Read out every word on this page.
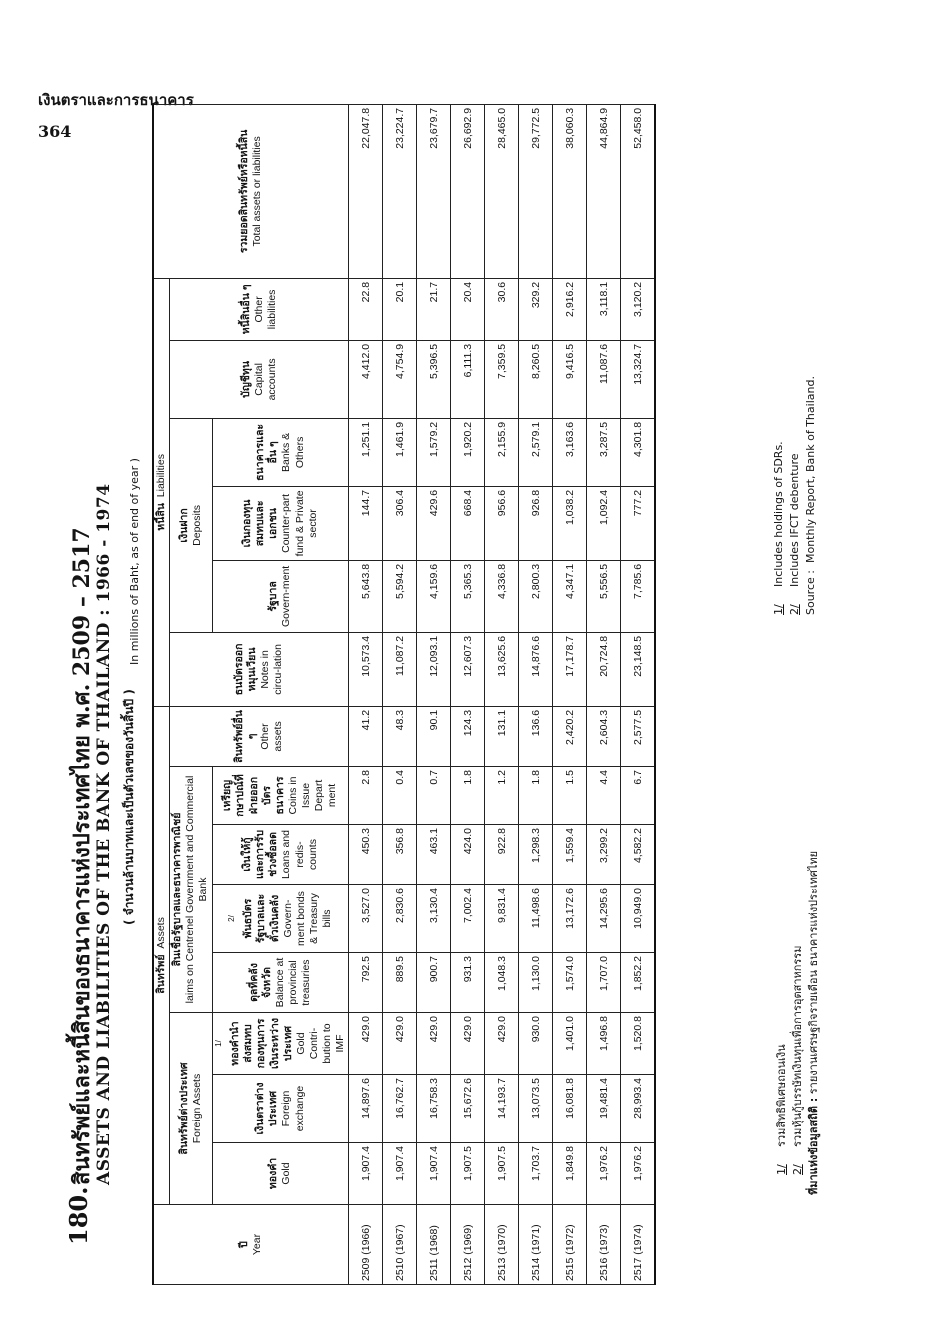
เงินตราและการธนาคาร
364
180.
สินทรัพย์และหนี้สินของธนาคารแห่งประเทศไทย พ.ศ. 2509 – 2517 ASSETS AND LIABILITIES OF THE BANK OF THAILAND : 1966 - 1974 ( จำนวนล้านบาทและเป็นตัวเลขของวันสิ้นปี )
In millions of Baht, as of end of year )
ปี Year	สินทรัพย์  Assets								หนี้สิน  Liabilities						รวมยอดสินทรัพย์หรือหนี้สิน Total assets or liabilities

	สินทรัพย์ต่างประเทศ Foreign Assets			สินเชื่อรัฐบาลและธนาคารพาณิชย์ laims on Centrenel Government and Commercial Bank				สินทรัพย์อื่น ๆ Other assets	ธนบัตรออกหมุนเวียน Notes in circu-lation	เงินฝาก Deposits			บัญชีทุน Capital accounts	หนี้สินอื่น ๆ Other liabilities	

	ทองคำ Gold	เงินตราต่างประเทศ Foreign exchange	$^{1/}$ ทองคำนำส่งสมทบกองทุนการเงินระหว่างประเทศ Gold Contri-bution to IMF	ดุลที่คลังจังหวัด Balance at provincial treasuries	$^{2/}$ พันธบัตรรัฐบาลและตั๋วเงินคลัง Govern-ment bonds & Treasury bills	เงินให้กู้และการรับช่วงซื้อลด Loans and redis-counts	เหรียญกษาปณ์ที่ฝ่ายออกบัตรธนาคาร Coins in Issue Depart ment			รัฐบาล Govern-ment	เงินกองทุนสมทบและเอกชน Counter-part fund & Private sector	ธนาคารและอื่น ๆ Banks & Others			

2509 (1966)	1,907.4	14,897.6	429.0	792.5	3,527.0	450.3	2.8	41.2	10,573.4	5,643.8	144.7	1,251.1	4,412.0	22.8	22,047.8
2510 (1967)	1,907.4	16,762.7	429.0	889.5	2,830.6	356.8	0.4	48.3	11,087.2	5,594.2	306.4	1,461.9	4,754.9	20.1	23,224.7
2511 (1968)	1,907.4	16,758.3	429.0	900.7	3,130.4	463.1	0.7	90.1	12,093.1	4,159.6	429.6	1,579.2	5,396.5	21.7	23,679.7
2512 (1969)	1,907.5	15,672.6	429.0	931.3	7,002.4	424.0	1.8	124.3	12,607.3	5,365.3	668.4	1,920.2	6,111.3	20.4	26,692.9
2513 (1970)	1,907.5	14,193.7	429.0	1,048.3	9,831.4	922.8	1.2	131.1	13,625.6	4,336.8	956.6	2,155.9	7,359.5	30.6	28,465.0
2514 (1971)	1,703.7	13,073.5	930.0	1,130.0	11,498.6	1,298.3	1.8	136.6	14,876.6	2,800.3	926.8	2,579.1	8,260.5	329.2	29,772.5
2515 (1972)	1,849.8	16,081.8	1,401.0	1,574.0	13,172.6	1,559.4	1.5	2,420.2	17,178.7	4,347.1	1,038.2	3,163.6	9,416.5	2,916.2	38,060.3
2516 (1973)	1,976.2	19,481.4	1,496.8	1,707.0	14,295.6	3,299.2	4.4	2,604.3	20,724.8	5,556.5	1,092.4	3,287.5	11,087.6	3,118.1	44,864.9
2517 (1974)	1,976.2	28,993.4	1,520.8	1,852.2	10,949.0	4,582.2	6.7	2,577.5	23,148.5	7,785.6	777.2	4,301.8	13,324.7	3,120.2	52,458.0
1/รวมสิทธิพิเศษถอนเงิน
2/รวมหุ้นกู้บรรษัทเงินทุนเพื่อการอุตสาหกรรม ที่มาแห่งข้อมูลสถิติ : รายงานเศรษฐกิจรายเดือน ธนาคารแห่งประเทศไทย
1/Includes holdings of SDRs.
2/Includes IFCT debenture
Source :  Monthly Report, Bank of Thailand.
